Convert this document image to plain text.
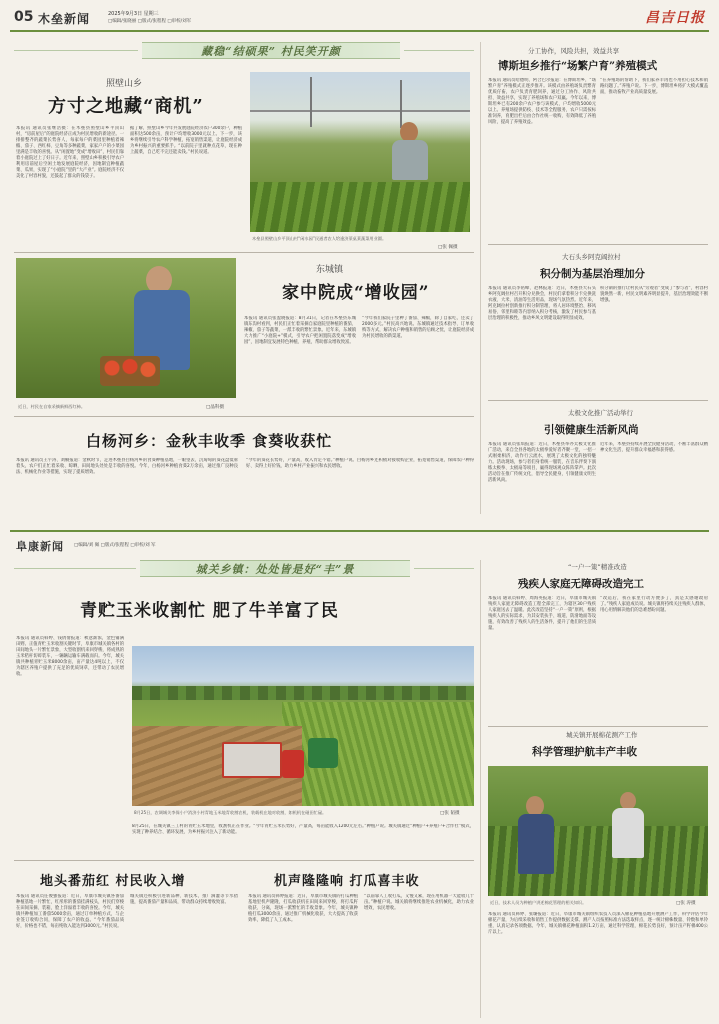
05 木垒新闻	2025年9月3日 星期三
□编辑/张晓丽 □版式/张程程 □审校/刘军	昌吉日报
藏稳“结硕果” 村民笑开颜
照壁山乡
方寸之地藏“商机”
本报讯 通讯员张继浩摄：在木垒县照壁山乡平顶山村，“房前屋后”的庭院经济正成为村民增收的新途径。一排排整齐的蔬菜长势喜人，每家每户的菜园里种植着辣椒、茄子、西红柿、豆角等多种蔬菜，家家户户的小菜园里满是丰收的喜悦。从“闲置地”变成“增收田”，村民们靠着小庭院过上了好日子。近年来，照壁山乡积极引导农户利用房前屋后空闲土地发展庭院经济，因地制宜种植蔬菜、瓜果，实现了“小庭院”里的“大产业”。庭院经济不仅美化了村容村貌，还鼓起了群众的钱袋子。
据了解，照壁山乡今年共发展庭院经济农户300余户，种植面积达500余亩，预计户均增收3000元以上。下一步，该乡将继续引导农户科学种植，拓宽销售渠道，让庭院经济成为乡村振兴的重要抓手。“以前院子里就种点花草，现在种上蔬菜，自己吃不完还能卖钱。”村民说道。
木垒县照壁山乡平顶山村“闲水园”民通者农人给逢济莱桌莱蔬菜用业圆。
□张 佩摄
近日，村民在自家采摘新鲜西红柿。	□晶科摄
东城镇
家中院成“增收园”
本报讯 通讯员张盈晓报道：8月31日，记者在木垒县东城镇东沟村看到，村民们正忙着采摘自家庭院里种植的番茄、辣椒、茄子等蔬菜，一派丰收的繁忙景象。近年来，东城镇大力推广“小庭院+”模式，引导农户把闲置院落变成“增收园”，因地制宜发展特色种植、养殖，帮助群众增收致富。
“今年我们家院子里种了番茄、辣椒，除了自家吃，还卖了2000多元。”村民高兴地说。东城镇通过技术指导、订单收购等方式，解决农户种植和销售的后顾之忧，让庭院经济成为村民增收的新渠道。
白杨河乡：金秋丰收季 食葵收获忙
本报讯 通讯员王宇涛、刘楠报道：金秋时节，走进木垒县白杨河乡的食葵种植基地，一眼望去，沉甸甸的葵花盘低垂着头，农户们正忙着采收、晾晒，田间地头处处是丰收的喜悦。今年，白杨河乡种植食葵2万余亩，通过推广良种良法、机械化作业等措施，实现了提质增效。
“今年的葵花长势好，产量高，收入肯定不错。”种植户说。白杨河乡还积极对接收购企业，拓宽销售渠道，保障农户种得好、卖得上好价钱，助力乡村产业振兴和农民增收。
分工协作，风险共担，效益共享
博斯坦乡推行“场繁户育”养殖模式
本报讯 通讯员哈德明、阿合巴尔报道：在博斯坦乡，“场繁户育”养殖模式正逐步推开。该模式由养殖场负责繁育优质仔畜，农户负责育肥饲养，通过分工协作、风险共担、效益共享，实现了养殖场和农户双赢。今年以来，博斯坦乡已有200余户农户参与该模式，户均增收5000元以上。养殖场提供防疫、技术等全程服务，农户只需按标准饲养，育肥出栏后由合作社统一收购，有效降低了养殖风险，提高了养殖效益。
“在养殖场的帮助下，我们家养羊再也不用担心技术和销路问题了。”养殖户说。下一步，博斯坦乡将扩大模式覆盖面，推动畜牧产业高质量发展。
大石头乡阿克阔拉村
积分制为基层治理加分
本报讯 通讯员李铭峰、赵林报道：近日，木垒县大石头乡阿克阔拉村召开积分兑换会，村民们拿着积分卡兑换洗衣液、大米、清油等生活用品，现场气氛热烈。近年来，阿克阔拉村创新推行积分制管理，将人居环境整治、移风易俗、邻里和睦等内容纳入积分考核，激发了村民参与基层治理的积极性，推动乡风文明建设取得明显成效。
积分制的推行让村民从“旁观者”变成了“参与者”，村容村貌焕然一新，村民文明素养明显提升，基层治理效能不断增强。
太极文化推广活动举行
引领健康生活新风尚
本报讯 通讯员张琪报道：近日，木垒县举办太极文化推广活动，来自全县各地的太极拳爱好者齐聚一堂，一招一式刚柔相济，动作行云流水，展现了太极文化的独特魅力。活动现场，参与者们身着统一服装，在音乐伴奏下演练太极拳、太极扇等项目，赢得现场观众阵阵掌声。此次活动旨在推广传统文化，倡导全民健身，引领健康文明生活新风尚。
近年来，木垒县持续开展全民健身活动，不断丰富群众精神文化生活，提升群众幸福感和获得感。
阜康新闻 □编辑/刘 佩 □版式/张程程 □审校/刘 军
城关乡镇：处处皆是好“丰”景
青贮玉米收割忙 肥了牛羊富了民
本报讯 通讯员韩婷、钱倩倩报道：秋意渐浓，金色铺满田野。正值青贮玉米收割关键时节，阜康市城关镇各村的田间地头一片繁忙景象，大型收割机来回穿梭，将成熟的玉米秸秆切碎装车，一辆辆运输车满载而归。今年，城关镇共种植青贮玉米8000余亩，亩产量达4吨以上，不仅为辖区养殖户提供了充足的优质饲草，还带动了农民增收。
8月25日，农调城关李保小户消济小村青地玉米地青收割农机，装载机在地对收割，如机机在碰田忙碌。	□张 韬摄
8月25日，在城关镇三工村的青贮玉米地里，收割机正在作业。“今年青贮玉米长势好，产量高，每亩能收入1200元左右。”种植户说。城关镇通过“种植户+养殖户+合作社”模式，实现了种养结合、循环发展，为乡村振兴注入了新动能。
地头番茄红 村民收入增
本报讯 通讯员任俊强报道：近日，阜康市城关镇各番茄种植基地一片繁忙，红彤彤的番茄挂满枝头，村民们穿梭在田间采摘、装箱，脸上洋溢着丰收的喜悦。今年，城关镇共种植加工番茄5000余亩，通过订单种植方式，与企业签订收购合同，保障了农户的收益。“今年番茄品质好，价格也不错，每亩纯收入能达到3000元。”村民说。
城关镇还积极引进新品种、新技术，推广滴灌等节水措施，提高番茄产量和品质，带动群众持续增收致富。
机声隆隆响 打瓜喜丰收
本报讯 通讯员韩婷报道：近日，阜康市城关镇的打瓜种植基地里机声隆隆，打瓜收获机在田间来回穿梭，将打瓜籽收获、分离，现场一派繁忙的丰收景象。今年，城关镇种植打瓜3000余亩，通过推广机械化收获，大大提高了收获效率，降低了人工成本。
“以前靠人工收打瓜，又慢又累，现在用机器一天能收几十亩。”种植户说。城关镇将继续推进农业机械化，助力农业增效、农民增收。
“一户一策”精准改造
残疾人家庭无障碍改造完工
本报讯 通讯员韩婷、周海英报道：近日，阜康市城关镇残疾人家庭无障碍改造工程全部完工，为辖区30户残疾人家庭送去了温暖。此次改造坚持“一户一策”原则，根据残疾人的实际需求，为其安装扶手、坡道、防滑地面等设施，有效改善了残疾人的生活条件，提升了他们的生活质量。
“改造后，我在家里行动方便多了，真是太感谢政府了。”残疾人家庭成员说。城关镇将持续关注残疾人群体，用心用情解决他们的急难愁盼问题。
城关镇开展棉花测产工作
科学管理护航丰产丰收
近日，技术人员为种植户讲述棉花管理的相关知识。	□张 涛摄
本报讯 通讯员韩婷、张璐报道：近日，阜康市城关镇组织农技人员深入棉花种植基地开展测产工作，科学评估今年棉花产量，为后续采收和销售工作提供数据支撑。测产人员按照标准方法选取样点，逐一统计棉株数量、铃数和单铃重，认真记录各项数据。今年，城关镇棉花种植面积1.2万亩，通过科学管理，棉花长势良好，预计亩产籽棉400公斤以上。
